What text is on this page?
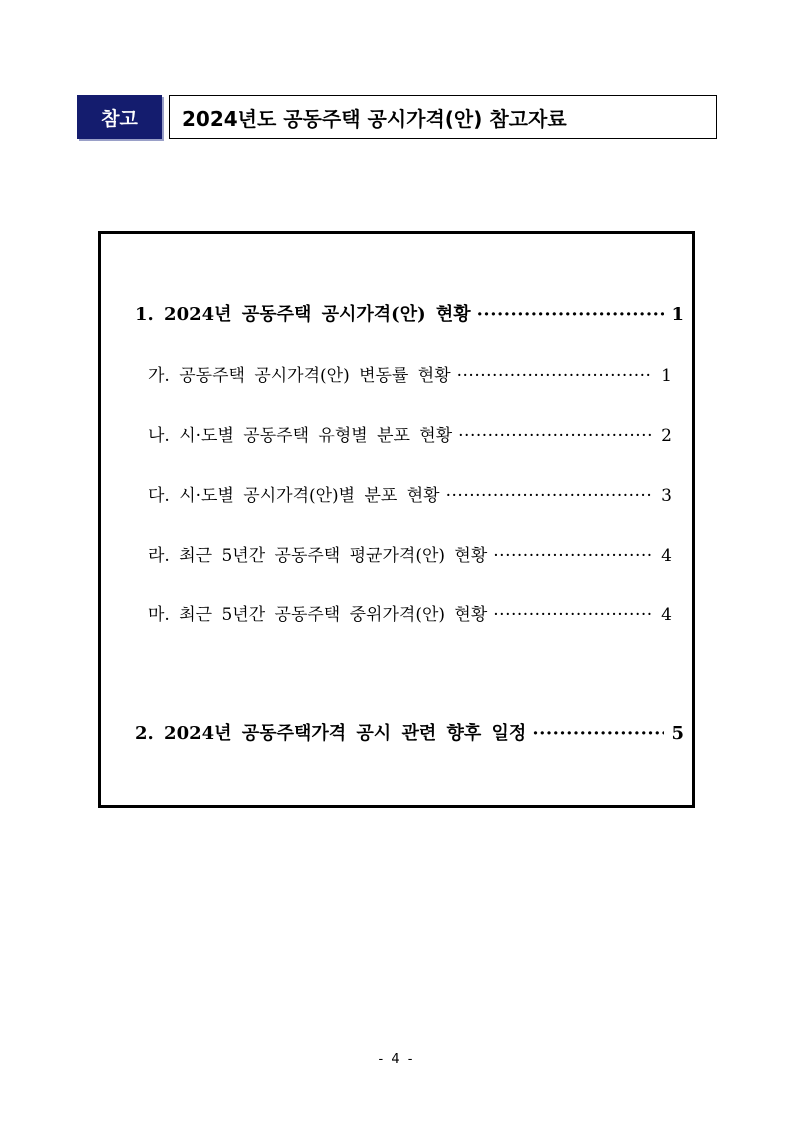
참고	2024년도 공동주택 공시가격(안) 참고자료
1. 2024년 공동주택 공시가격(안) 현황 ·····	1
가. 공동주택 공시가격(안) 변동률 현황 ·····	1
나. 시·도별 공동주택 유형별 분포 현황 ·····	2
다. 시·도별 공시가격(안)별 분포 현황 ·····	3
라. 최근 5년간 공동주택 평균가격(안) 현황 ·····	4
마. 최근 5년간 공동주택 중위가격(안) 현황 ·····	4
2. 2024년 공동주택가격 공시 관련 향후 일정 ·····	5
- 4 -
